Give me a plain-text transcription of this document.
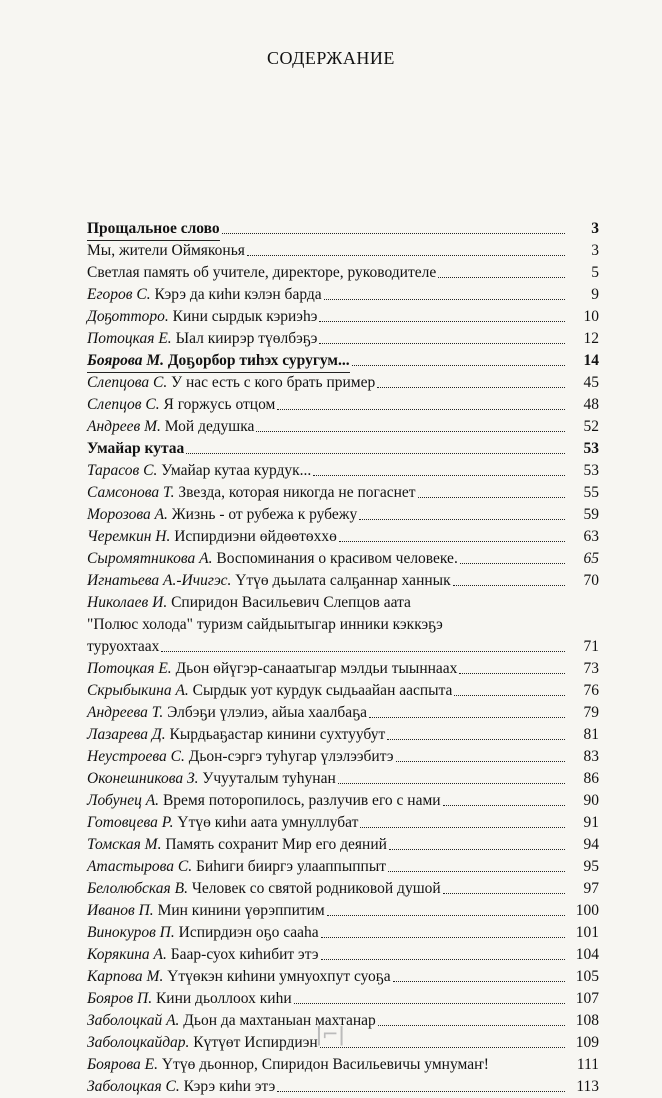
СОДЕРЖАНИЕ
Прощальное слово	3
Мы, жители Оймяконья	3
Светлая память об учителе, директоре, руководителе	5
Егоров С. Кэрэ да киhи кэлэн барда	9
Доҕотторо. Кини сырдык кэриэһэ	10
Потоцкая Е. Ыал киирэр түөлбэҕэ	12
Боярова М. Доҕорбор тиһэх суругум...	14
Слепцова С. У нас есть с кого брать пример	45
Слепцов С. Я горжусь отцом	48
Андреев М. Мой дедушка	52
Умайар кутаа	53
Тарасов С. Умайар кутаа курдук...	53
Самсонова Т. Звезда, которая никогда не погаснет	55
Морозова А. Жизнь - от рубежа к рубежу	59
Черемкин Н. Испирдиэни өйдөөтөххө	63
Сыромятникова А. Воспоминания о красивом человеке.	65
Игнатьева А.-Ичигэс. Үтүө дьылата салҕаннар ханнык	70
Николаев И. Спиридон Васильевич Слепцов аата
"Полюс холода" туризм сайдыытыгар инники кэккэҕэ
туруохтаах	71
Потоцкая Е. Дьон өйүгэр-санаатыгар мэлдьи тыыннаах	73
Скрыбыкина А. Сырдык уот курдук сыдьаайан ааспыта	76
Андреева Т. Элбэҕи үлэлиэ, айыа хаалбаҕа	79
Лазарева Д. Кырдьаҕастар кинини сухтуубут	81
Неустроева С. Дьон-сэргэ туһугар үлэлээбитэ	83
Оконешникова З. Учууталым туһунан	86
Лобунец А. Время поторопилось, разлучив его с нами	90
Готовцева Р. Үтүө киhи аата умнуллубат	91
Томская М. Память сохранит Мир его деяний	94
Атастырова С. Биһиги бииргэ улааппыппыт	95
Белолюбская В. Человек со святой родниковой душой	97
Иванов П. Мин кинини үөрэппитим	100
Винокуров П. Испирдиэн оҕо сааһа	101
Корякина А. Баар-суох киһибит этэ	104
Карпова М. Үтүөкэн киһини умнуохпут суоҕа	105
Бояров П. Кини дьоллоох киһи	107
Заболоцкай А. Дьон да махтаныан махтанар	108
Заболоцкайдар. Күтүөт Испирдиэн	109
Боярова Е. Үтүө дьоннор, Спиридон Васильевичы умнумаҥ!	111
Заболоцкая С. Кэрэ киhи этэ	113
ǀ⌐ǀ
